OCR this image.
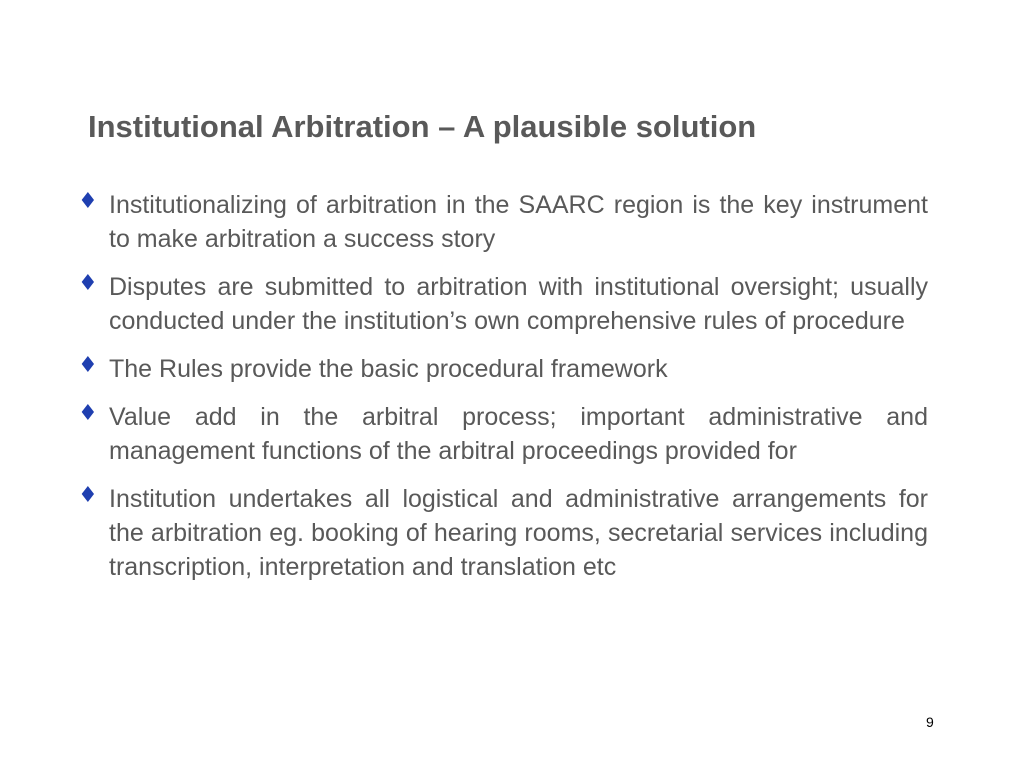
Institutional Arbitration – A plausible solution
♦ Institutionalizing of arbitration in the SAARC region is the key instrument to make arbitration a success story
♦ Disputes are submitted to arbitration with institutional oversight; usually conducted under the institution’s own comprehensive rules of procedure
♦ The Rules provide the basic procedural framework
♦ Value add in the arbitral process; important administrative and management functions of the arbitral proceedings provided for
♦ Institution undertakes all logistical and administrative arrangements for the arbitration eg. booking of hearing rooms, secretarial services including transcription, interpretation and translation etc
9
